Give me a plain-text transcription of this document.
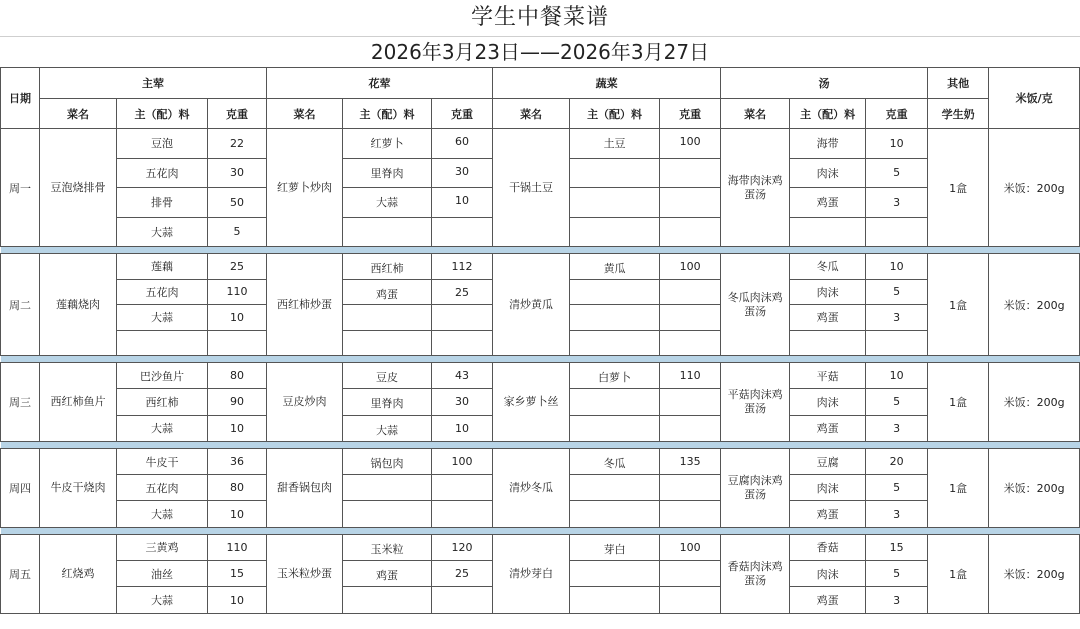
学生中餐菜谱
2026年3月23日——2026年3月27日
日期	主荤			花荤			蔬菜			汤			其他	米饭/克
	菜名	主（配）料	克重	菜名	主（配）料	克重	菜名	主（配）料	克重	菜名	主（配）料	克重	学生奶	
周一	豆泡烧排骨	豆泡	22	红萝卜炒肉	红萝卜	60	干锅土豆	土豆	100	海带肉沫鸡蛋汤	海带	10	1盒	米饭：200g
		五花肉	30		里脊肉	30					肉沫	5		
		排骨	50		大蒜	10					鸡蛋	3		
		大蒜	5											

周二	莲藕烧肉	莲藕	25	西红柿炒蛋	西红柿	112	清炒黄瓜	黄瓜	100	冬瓜肉沫鸡蛋汤	冬瓜	10	1盒	米饭：200g
		五花肉	110		鸡蛋	25					肉沫	5		
		大蒜	10								鸡蛋	3		

周三	西红柿鱼片	巴沙鱼片	80	豆皮炒肉	豆皮	43	家乡萝卜丝	白萝卜	110	平菇肉沫鸡蛋汤	平菇	10	1盒	米饭：200g
		西红柿	90		里脊肉	30					肉沫	5		
		大蒜	10		大蒜	10					鸡蛋	3		

周四	牛皮干烧肉	牛皮干	36	甜香锅包肉	锅包肉	100	清炒冬瓜	冬瓜	135	豆腐肉沫鸡蛋汤	豆腐	20	1盒	米饭：200g
		五花肉	80								肉沫	5		
		大蒜	10								鸡蛋	3		

周五	红烧鸡	三黄鸡	110	玉米粒炒蛋	玉米粒	120	清炒芽白	芽白	100	香菇肉沫鸡蛋汤	香菇	15	1盒	米饭：200g
		油丝	15		鸡蛋	25					肉沫	5		
		大蒜	10								鸡蛋	3		
